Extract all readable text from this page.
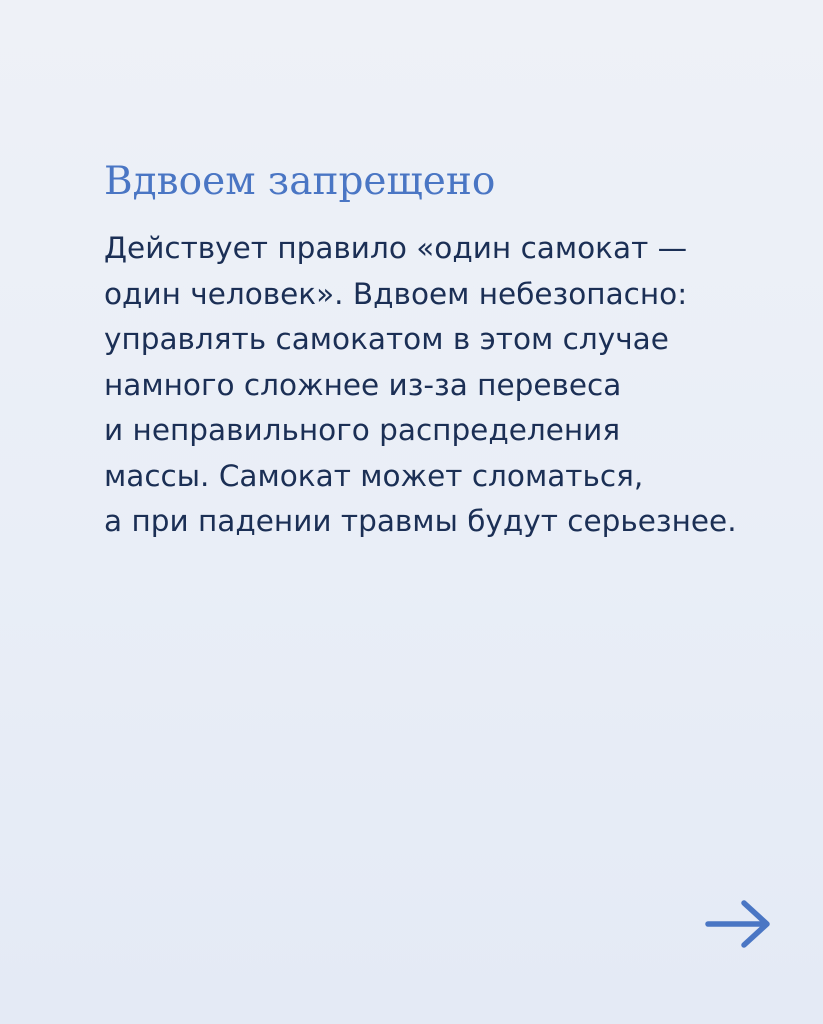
Вдвоем запрещено

Действует правило «один самокат —
один человек». Вдвоем небезопасно:
управлять самокатом в этом случае
намного сложнее из-за перевеса
и неправильного распределения
массы. Самокат может сломаться,
а при падении травмы будут серьезнее.
